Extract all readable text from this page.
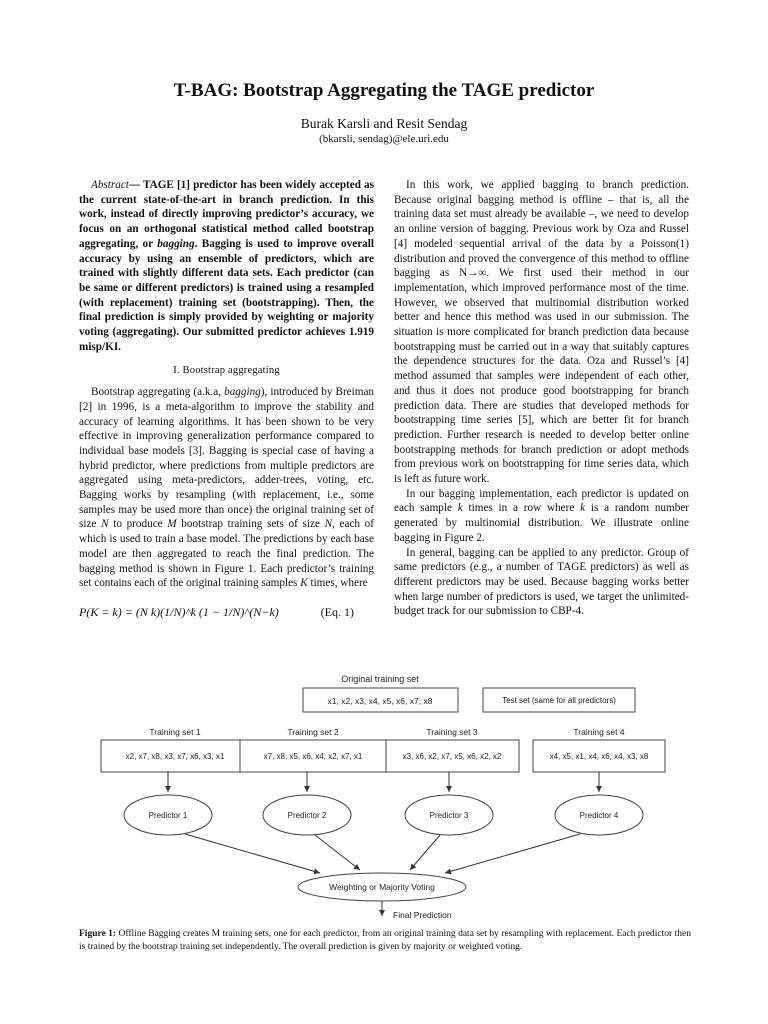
T-BAG: Bootstrap Aggregating the TAGE predictor
Burak Karsli and Resit Sendag
(bkarsli, sendag)@ele.uri.edu

Abstract— TAGE [1] predictor has been widely accepted as the current state-of-the-art in branch prediction. In this work, instead of directly improving predictor’s accuracy, we focus on an orthogonal statistical method called bootstrap aggregating, or bagging. Bagging is used to improve overall accuracy by using an ensemble of predictors, which are trained with slightly different data sets. Each predictor (can be same or different predictors) is trained using a resampled (with replacement) training set (bootstrapping). Then, the final prediction is simply provided by weighting or majority voting (aggregating). Our submitted predictor achieves 1.919 misp/KI.

I. Bootstrap aggregating

Bootstrap aggregating (a.k.a, bagging), introduced by Breiman [2] in 1996, is a meta-algorithm to improve the stability and accuracy of learning algorithms. It has been shown to be very effective in improving generalization performance compared to individual base models [3]. Bagging is special case of having a hybrid predictor, where predictions from multiple predictors are aggregated using meta-predictors, adder-trees, voting, etc. Bagging works by resampling (with replacement, i.e., some samples may be used more than once) the original training set of size N to produce M bootstrap training sets of size N, each of which is used to train a base model. The predictions by each base model are then aggregated to reach the final prediction. The bagging method is shown in Figure 1. Each predictor’s training set contains each of the original training samples K times, where

P(K = k) = (N k)(1/N)^k (1 − 1/N)^(N−k)	(Eq. 1)

In this work, we applied bagging to branch prediction. Because original bagging method is offline – that is, all the training data set must already be available –, we need to develop an online version of bagging. Previous work by Oza and Russel [4] modeled sequential arrival of the data by a Poisson(1) distribution and proved the convergence of this method to offline bagging as N→∞. We first used their method in our implementation, which improved performance most of the time. However, we observed that multinomial distribution worked better and hence this method was used in our submission. The situation is more complicated for branch prediction data because bootstrapping must be carried out in a way that suitably captures the dependence structures for the data. Oza and Russel’s [4] method assumed that samples were independent of each other, and thus it does not produce good bootstrapping for branch prediction data. There are studies that developed methods for bootstrapping time series [5], which are better fit for branch prediction. Further research is needed to develop better online bootstrapping methods for branch prediction or adopt methods from previous work on bootstrapping for time series data, which is left as future work.

In our bagging implementation, each predictor is updated on each sample k times in a row where k is a random number generated by multinomial distribution. We illustrate online bagging in Figure 2.

In general, bagging can be applied to any predictor. Group of same predictors (e.g., a number of TAGE predictors) as well as different predictors may be used. Because bagging works better when large number of predictors is used, we target the unlimited-budget track for our submission to CBP-4.

Original training set
x1, x2, x3, x4, x5, x6, x7, x8	Test set (same for all predictors)
Training set 1	Training set 2	Training set 3	Training set 4
x2, x7, x8, x3, x7, x6, x3, x1	x7, x8, x5, x6, x4, x2, x7, x1	x3, x6, x2, x7, x5, x6, x2, x2	x4, x5, x1, x4, x6, x4, x3, x8
Predictor 1	Predictor 2	Predictor 3	Predictor 4
Weighting or Majority Voting
Final Prediction
Figure 1: Offline Bagging creates M training sets, one for each predictor, from an original training data set by resampling with replacement. Each predictor then is trained by the bootstrap training set independently. The overall prediction is given by majority or weighted voting.
